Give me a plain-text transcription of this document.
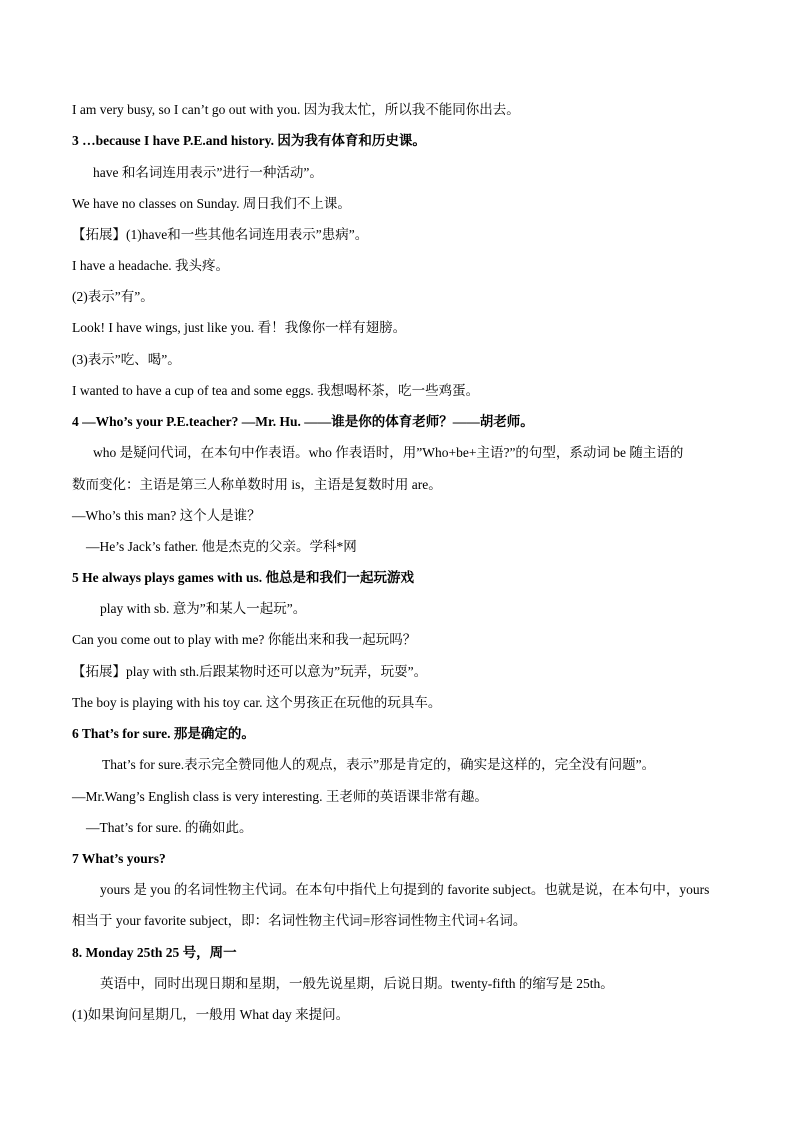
I am very busy, so I can’t go out with you. 因为我太忙，所以我不能同你出去。
3 …because I have P.E.and history. 因为我有体育和历史课。
have 和名词连用表示”进行一种活动”。
We have no classes on Sunday. 周日我们不上课。
【拓展】(1)have和一些其他名词连用表示”患病”。
I have a headache. 我头疼。
(2)表示”有”。
Look! I have wings, just like you. 看！我像你一样有翅膀。
(3)表示”吃、喝”。
I wanted to have a cup of tea and some eggs. 我想喝杯茶，吃一些鸡蛋。
4 —Who’s your P.E.teacher? —Mr. Hu. ——谁是你的体育老师？——胡老师。
who 是疑问代词，在本句中作表语。who 作表语时，用”Who+be+主语?”的句型，系动词 be 随主语的
数而变化：主语是第三人称单数时用 is，主语是复数时用 are。
—Who’s this man? 这个人是谁？
—He’s Jack’s father. 他是杰克的父亲。学科*网
5 He always plays games with us. 他总是和我们一起玩游戏
play with sb. 意为”和某人一起玩”。
Can you come out to play with me? 你能出来和我一起玩吗？
【拓展】play with sth.后跟某物时还可以意为”玩弄，玩耍”。
The boy is playing with his toy car. 这个男孩正在玩他的玩具车。
6 That’s for sure. 那是确定的。
That’s for sure.表示完全赞同他人的观点，表示”那是肯定的，确实是这样的，完全没有问题”。
—Mr.Wang’s English class is very interesting. 王老师的英语课非常有趣。
—That’s for sure. 的确如此。
7 What’s yours?
yours 是 you 的名词性物主代词。在本句中指代上句提到的 favorite subject。也就是说，在本句中，yours
相当于 your favorite subject，即：名词性物主代词=形容词性物主代词+名词。
8. Monday 25th 25 号，周一
英语中，同时出现日期和星期，一般先说星期，后说日期。twenty-fifth 的缩写是 25th。
(1)如果询问星期几，一般用 What day 来提问。
